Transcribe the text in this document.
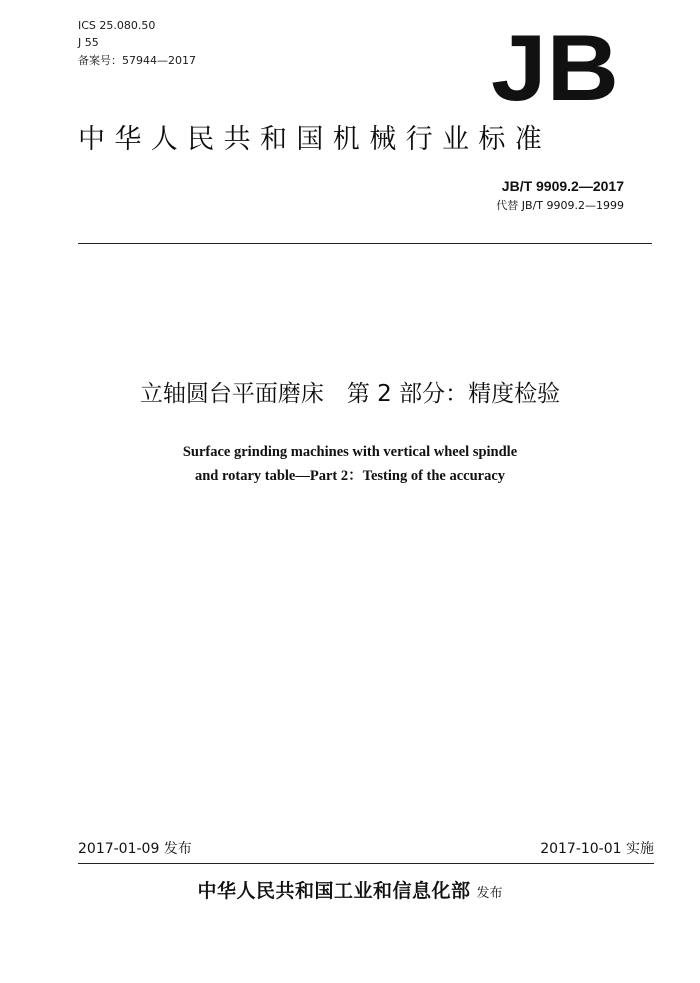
ICS 25.080.50
J 55
备案号：57944—2017	JB
中华人民共和国机械行业标准
JB/T 9909.2—2017
代替 JB/T 9909.2—1999
立轴圆台平面磨床　第 2 部分：精度检验
Surface grinding machines with vertical wheel spindle
and rotary table—Part 2：Testing of the accuracy
2017-01-09 发布	2017-10-01 实施
中华人民共和国工业和信息化部 发布
